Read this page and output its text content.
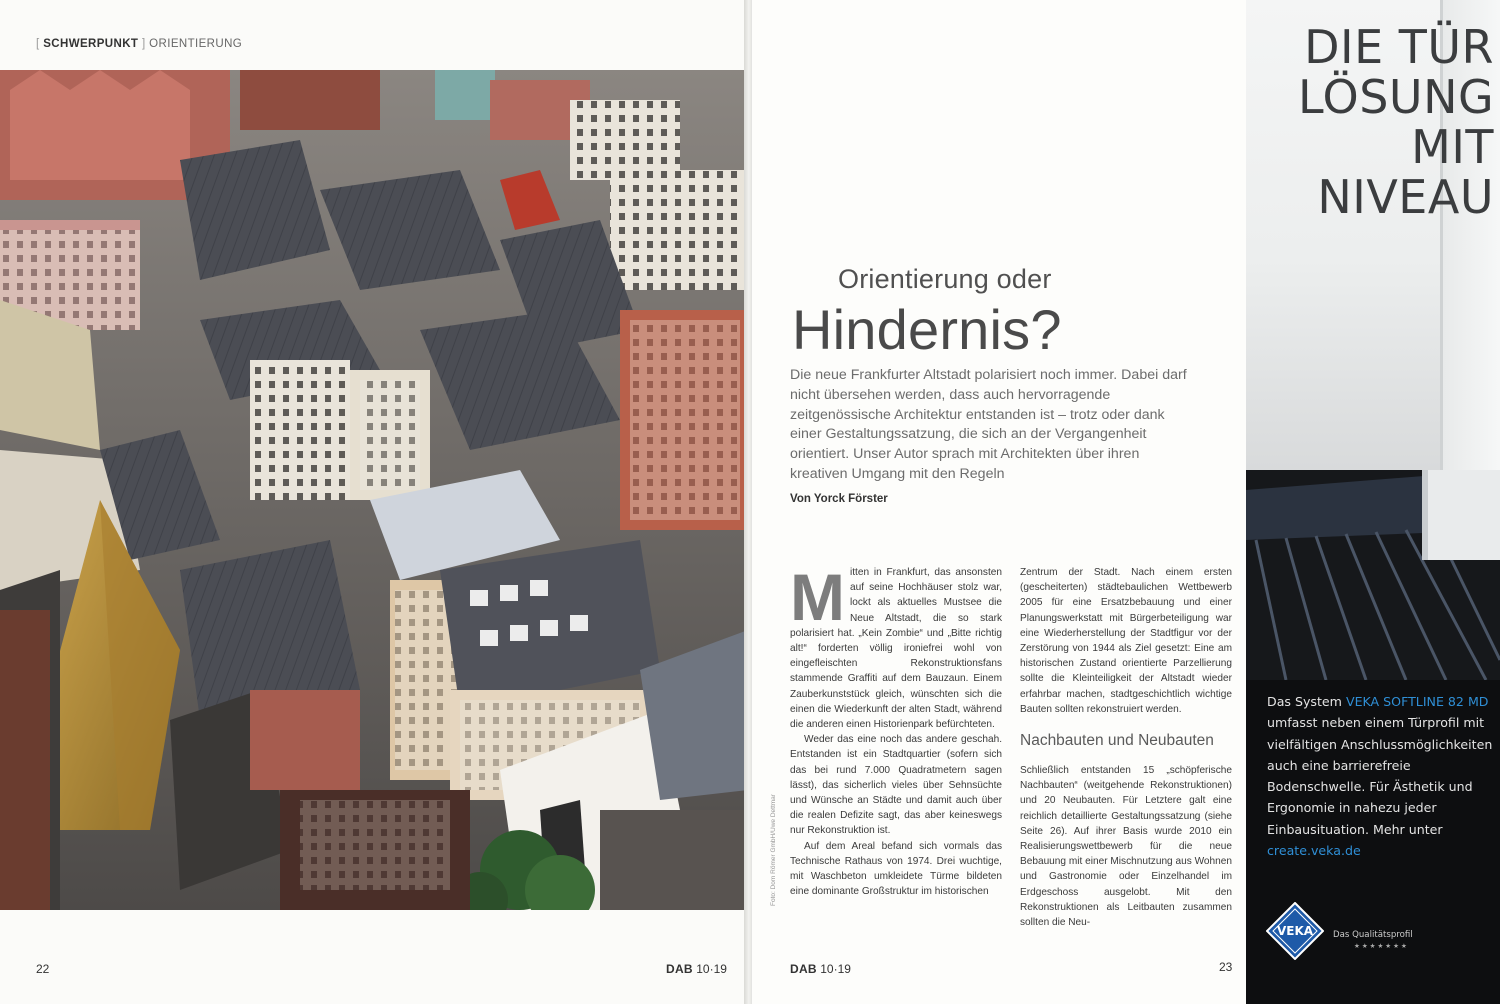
[ SCHWERPUNKT ] ORIENTIERUNG
22	DAB 10·19
Orientierung oder
Hindernis?
Die neue Frankfurter Altstadt polarisiert noch immer. Dabei darf nicht übersehen werden, dass auch hervorragende zeitgenössische Architektur entstanden ist – trotz oder dank einer Gestaltungssatzung, die sich an der Vergangenheit orientiert. Unser Autor sprach mit Architekten über ihren kreativen Umgang mit den Regeln
Von Yorck Förster

Mitten in Frankfurt, das ansonsten auf seine Hochhäuser stolz war, lockt als aktuelles Mustsee die Neue Altstadt, die so stark polarisiert hat. „Kein Zombie“ und „Bitte richtig alt!“ forderten völlig ironiefrei wohl von eingefleischten Rekonstruktionsfans stammende Graffiti auf dem Bauzaun. Einem Zauberkunststück gleich, wünschten sich die einen die Wiederkunft der alten Stadt, während die anderen einen Historienpark befürchteten.

Weder das eine noch das andere geschah. Entstanden ist ein Stadtquartier (sofern sich das bei rund 7.000 Quadratmetern sagen lässt), das sicherlich vieles über Sehnsüchte und Wünsche an Städte und damit auch über die realen Defizite sagt, das aber keineswegs nur Rekonstruktion ist.

Auf dem Areal befand sich vormals das Technische Rathaus von 1974. Drei wuchtige, mit Waschbeton umkleidete Türme bildeten eine dominante Großstruktur im historischen

Zentrum der Stadt. Nach einem ersten (gescheiterten) städtebaulichen Wettbewerb 2005 für eine Ersatzbebauung und einer Planungswerkstatt mit Bürgerbeteiligung war eine Wiederherstellung der Stadtfigur vor der Zerstörung von 1944 als Ziel gesetzt: Eine am historischen Zustand orientierte Parzellierung sollte die Kleinteiligkeit der Altstadt wieder erfahrbar machen, stadtgeschichtlich wichtige Bauten sollten rekonstruiert werden.

Nachbauten und Neubauten

Schließlich entstanden 15 „schöpferische Nachbauten“ (weitgehende Rekonstruktionen) und 20 Neubauten. Für Letztere galt eine reichlich detaillierte Gestaltungssatzung (siehe Seite 26). Auf ihrer Basis wurde 2010 ein Realisierungswettbewerb für die neue Bebauung mit einer Mischnutzung aus Wohnen und Gastronomie oder Einzelhandel im Erdgeschoss ausgelobt. Mit den Rekonstruktionen als Leitbauten zusammen sollten die Neu-

Foto: Dom Römer GmbH/Uwe Dettmar
DAB 10·19	23
DIE TÜR
LÖSUNG
MIT
NIVEAU
Das System VEKA SOFTLINE 82 MD umfasst neben einem Türprofil mit vielfältigen Anschlussmöglichkeiten auch eine barrierefreie Bodenschwelle. Für Ästhetik und Ergonomie in nahezu jeder Einbausituation. Mehr unter create.veka.de
VEKA Das Qualitätsprofil
★★★★★★★
